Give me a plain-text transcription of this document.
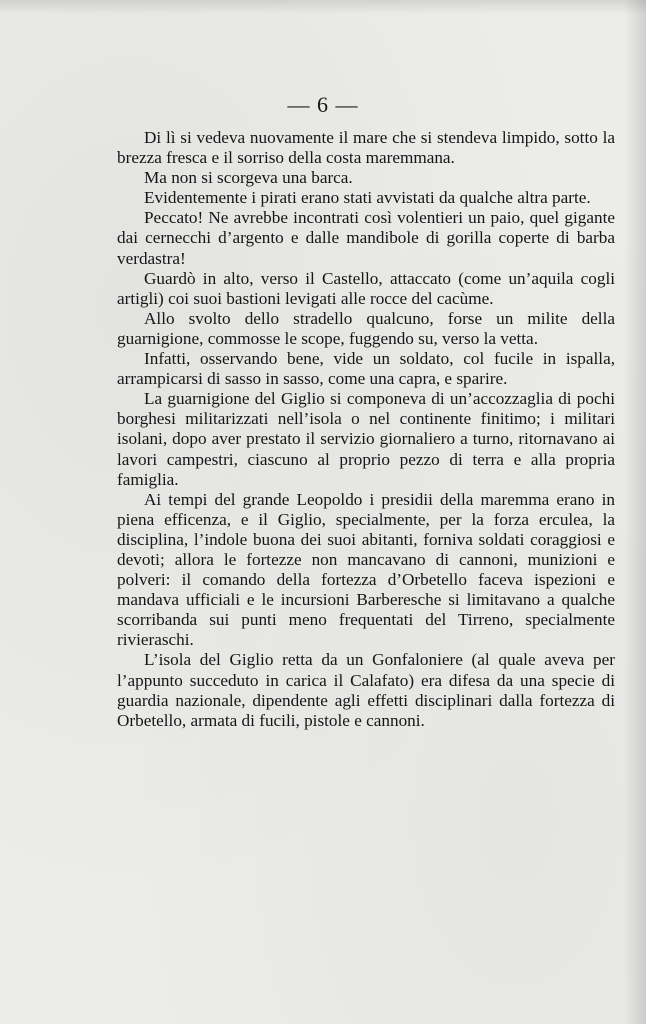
— 6 —

Di lì si vedeva nuovamente il mare che si stendeva limpido, sotto la brezza fresca e il sorriso della costa maremmana.

Ma non si scorgeva una barca.

Evidentemente i pirati erano stati avvistati da qualche altra parte.

Peccato! Ne avrebbe incontrati così volentieri un paio, quel gigante dai cernecchi d’argento e dalle mandibole di gorilla coperte di barba verdastra!

Guardò in alto, verso il Castello, attaccato (come un’aquila cogli artigli) coi suoi bastioni levigati alle rocce del cacùme.

Allo svolto dello stradello qualcuno, forse un milite della guarnigione, commosse le scope, fuggendo su, verso la vetta.

Infatti, osservando bene, vide un soldato, col fucile in ispalla, arrampicarsi di sasso in sasso, come una capra, e sparire.

La guarnigione del Giglio si componeva di un’accozzaglia di pochi borghesi militarizzati nell’isola o nel continente finitimo; i militari isolani, dopo aver prestato il servizio giornaliero a turno, ritornavano ai lavori campestri, ciascuno al proprio pezzo di terra e alla propria famiglia.

Ai tempi del grande Leopoldo i presidii della maremma erano in piena efficenza, e il Giglio, specialmente, per la forza erculea, la disciplina, l’indole buona dei suoi abitanti, forniva soldati coraggiosi e devoti; allora le fortezze non mancavano di cannoni, munizioni e polveri: il comando della fortezza d’Orbetello faceva ispezioni e mandava ufficiali e le incursioni Barberesche si limitavano a qualche scorribanda sui punti meno frequentati del Tirreno, specialmente rivieraschi.

L’isola del Giglio retta da un Gonfaloniere (al quale aveva per l’appunto succeduto in carica il Calafato) era difesa da una specie di guardia nazionale, dipendente agli effetti disciplinari dalla fortezza di Orbetello, armata di fucili, pistole e cannoni.
